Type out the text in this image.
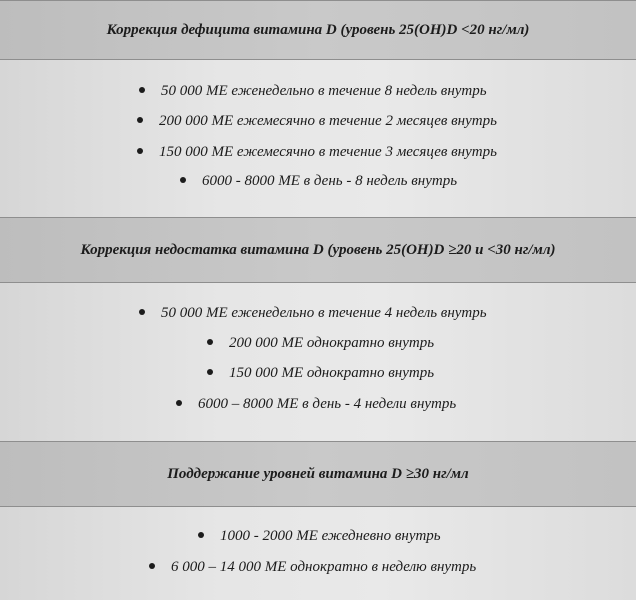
Коррекция дефицита витамина D (уровень 25(OH)D <20 нг/мл)
50 000 МЕ еженедельно в течение 8 недель внутрь
200 000 МЕ ежемесячно в течение 2 месяцев внутрь
150 000 МЕ ежемесячно в течение 3 месяцев внутрь
6000 - 8000 МЕ в день - 8 недель внутрь
Коррекция недостатка витамина D (уровень 25(OH)D ≥20 и <30 нг/мл)
50 000 МЕ еженедельно в течение 4 недель внутрь
200 000 МЕ однократно внутрь
150 000 МЕ однократно внутрь
6000 – 8000 МЕ в день - 4 недели внутрь
Поддержание уровней витамина D ≥30 нг/мл
1000 - 2000 МЕ ежедневно внутрь
6 000 – 14 000 МЕ однократно в неделю внутрь
